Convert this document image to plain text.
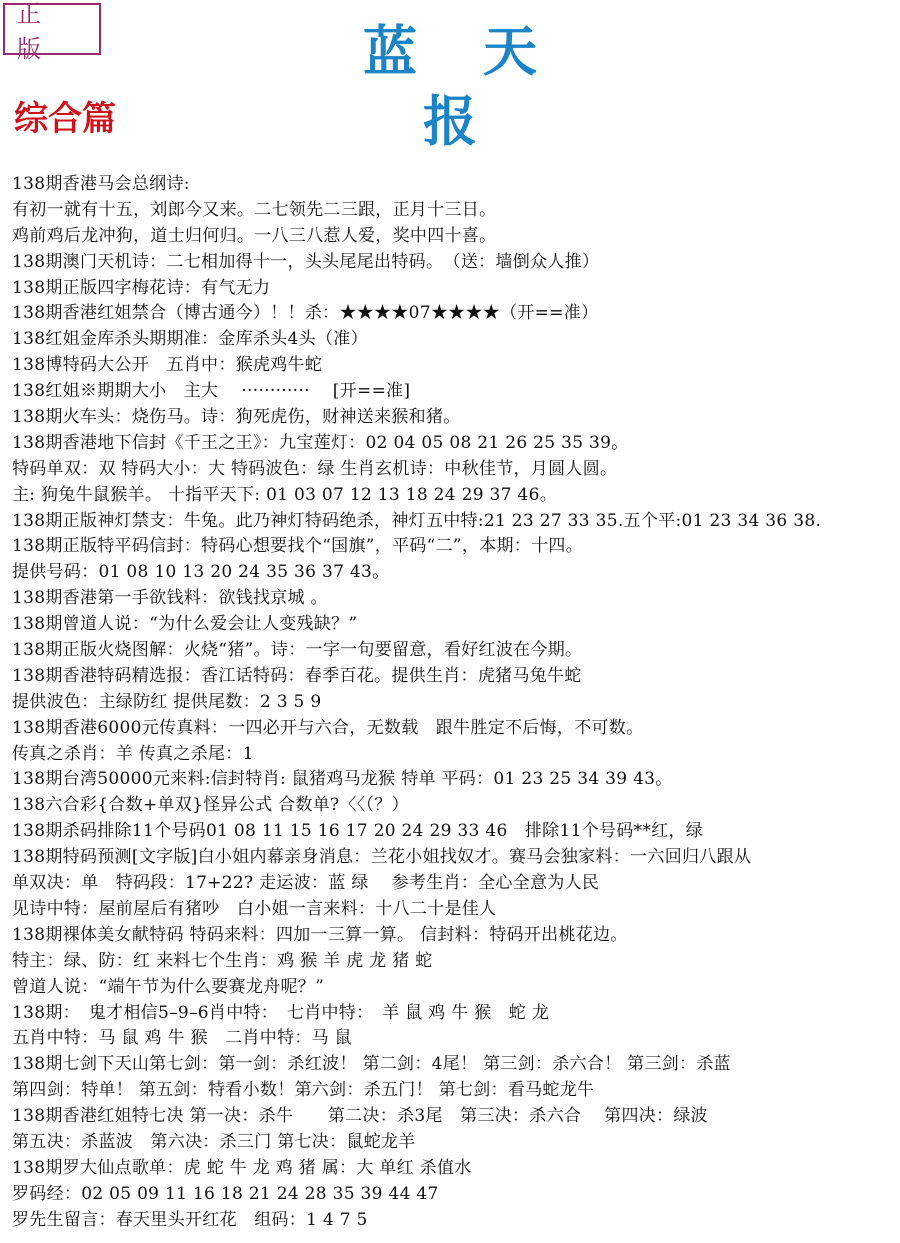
正 版	蓝天报
综合篇
138期香港马会总纲诗:
有初一就有十五，刘郎今又来。二七领先二三跟，正月十三日。
鸡前鸡后龙冲狗，道士归何归。一八三八惹人爱，奖中四十喜。
138期澳门天机诗：二七相加得十一，头头尾尾出特码。　（送：墙倒众人推）
138期正版四字梅花诗：有气无力
138期香港红姐禁合（博古通今）！！杀：★★★★07★★★★（开==准）
138红姐金库杀头期期准：金库杀头4头（准）
138博特码大公开　五肖中：猴虎鸡牛蛇
138红姐※期期大小　主大　 ············ 　[开==准]
138期火车头：烧伤马。诗：狗死虎伤，财神送来猴和猪。
138期香港地下信封《千王之王》：九宝莲灯：02 04 05 08 21 26 25 35 39。
特码单双：双 特码大小：大 特码波色：绿 生肖玄机诗：中秋佳节，月圆人圆。
主: 狗兔牛鼠猴羊。 十指平天下: 01 03 07 12 13 18 24 29 37 46。
138期正版神灯禁支：牛兔。此乃神灯特码绝杀，神灯五中特:21 23 27 33 35.五个平:01 23 34 36 38.
138期正版特平码信封：特码心想要找个“国旗”，平码“二”，本期：十四。
提供号码：01 08 10 13 20 24 35 36 37 43。
138期香港第一手欲钱料：欲钱找京城 。
138期曾道人说：“为什么爱会让人变残缺？”
138期正版火烧图解：火烧“猪”。诗：一字一句要留意，看好红波在今期。
138期香港特码精选报：香江话特码：春季百花。提供生肖：虎猪马兔牛蛇
提供波色：主绿防红 提供尾数：2 3 5 9
138期香港6000元传真料：一四必开与六合，无数载　跟牛胜定不后悔，不可数。
传真之杀肖：羊 传真之杀尾：1
138期台湾50000元来料:信封特肖: 鼠猪鸡马龙猴 特单 平码：01 23 25 34 39 43。
138六合彩{合数+单双}怪异公式 合数单?〈〈（？）
138期杀码排除11个号码01 08 11 15 16 17 20 24 29 33 46　排除11个号码**红，绿
138期特码预测[文字版]白小姐内幕亲身消息：兰花小姐找奴才。赛马会独家料：一六回归八跟从
单双决：单　特码段：17+22? 走运波：蓝 绿　 参考生肖：全心全意为人民
见诗中特：屋前屋后有猪吵　白小姐一言来料：十八二十是佳人
138期裸体美女献特码 特码来料：四加一三算一算。 信封料：特码开出桃花边。
特主：绿、防：红 来料七个生肖：鸡 猴 羊 虎 龙 猪 蛇
曾道人说：“端午节为什么要赛龙舟呢？”
138期：　鬼才相信5–9–6肖中特：　七肖中特：　羊 鼠 鸡 牛 猴　蛇 龙
五肖中特：马 鼠 鸡 牛 猴　二肖中特：马 鼠
138期七剑下天山第七剑：第一剑：杀红波！ 第二剑：4尾！ 第三剑：杀六合！ 第三剑：杀蓝
第四剑：特单！ 第五剑：特看小数！第六剑：杀五门！ 第七剑：看马蛇龙牛
138期香港红姐特七决 第一决：杀牛　　第二决：杀3尾　第三决：杀六合　 第四决：绿波
第五决：杀蓝波　第六决：杀三门 第七决：鼠蛇龙羊
138期罗大仙点歌单：虎 蛇 牛 龙 鸡 猪 属：大 单红 杀值水
罗码经：02 05 09 11 16 18 21 24 28 35 39 44 47
罗先生留言：春天里头开红花　组码：1 4 7 5
